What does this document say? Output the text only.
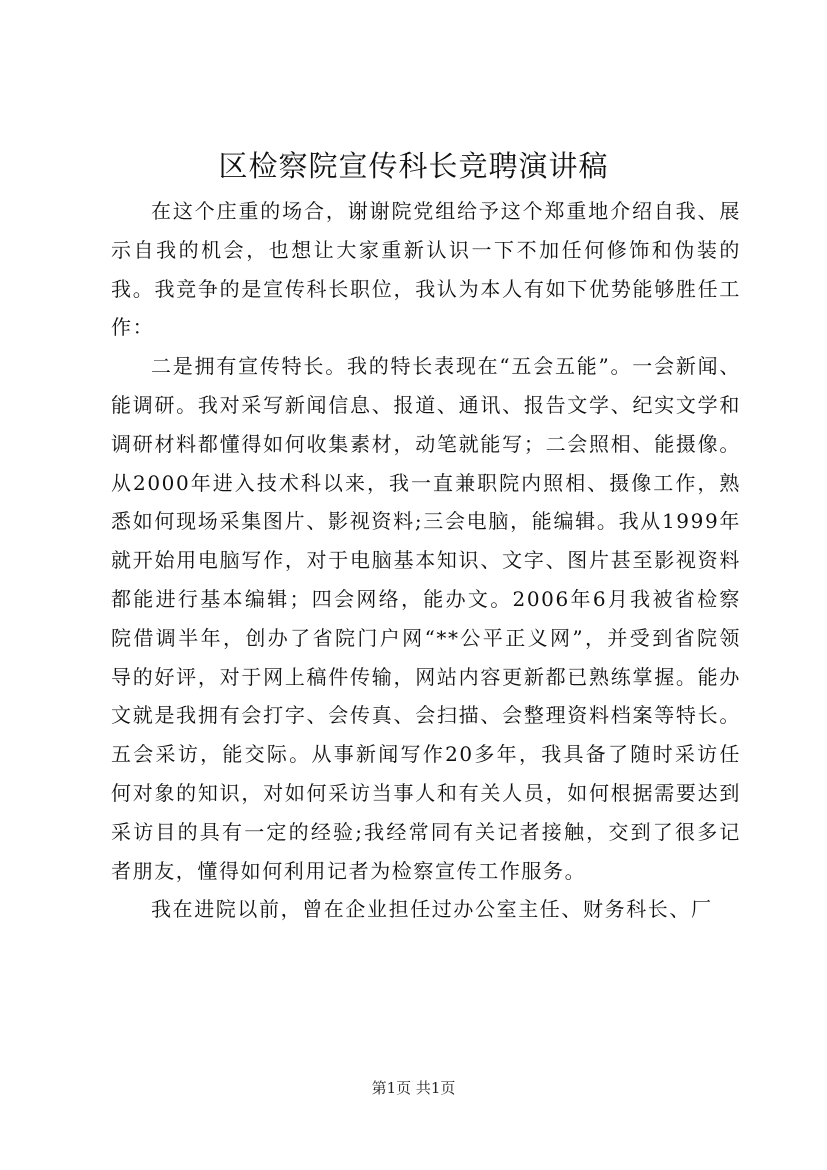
区检察院宣传科长竞聘演讲稿

在这个庄重的场合，谢谢院党组给予这个郑重地介绍自我、展示自我的机会，也想让大家重新认识一下不加任何修饰和伪装的我。我竞争的是宣传科长职位，我认为本人有如下优势能够胜任工作：

二是拥有宣传特长。我的特长表现在“五会五能”。一会新闻、能调研。我对采写新闻信息、报道、通讯、报告文学、纪实文学和调研材料都懂得如何收集素材，动笔就能写；二会照相、能摄像。从2000年进入技术科以来，我一直兼职院内照相、摄像工作，熟悉如何现场采集图片、影视资料;三会电脑，能编辑。我从1999年就开始用电脑写作，对于电脑基本知识、文字、图片甚至影视资料都能进行基本编辑；四会网络，能办文。2006年6月我被省检察院借调半年，创办了省院门户网“**公平正义网”，并受到省院领导的好评，对于网上稿件传输，网站内容更新都已熟练掌握。能办文就是我拥有会打字、会传真、会扫描、会整理资料档案等特长。五会采访，能交际。从事新闻写作20多年，我具备了随时采访任何对象的知识，对如何采访当事人和有关人员，如何根据需要达到采访目的具有一定的经验;我经常同有关记者接触，交到了很多记者朋友，懂得如何利用记者为检察宣传工作服务。

我在进院以前，曾在企业担任过办公室主任、财务科长、厂

第1页 共1页
